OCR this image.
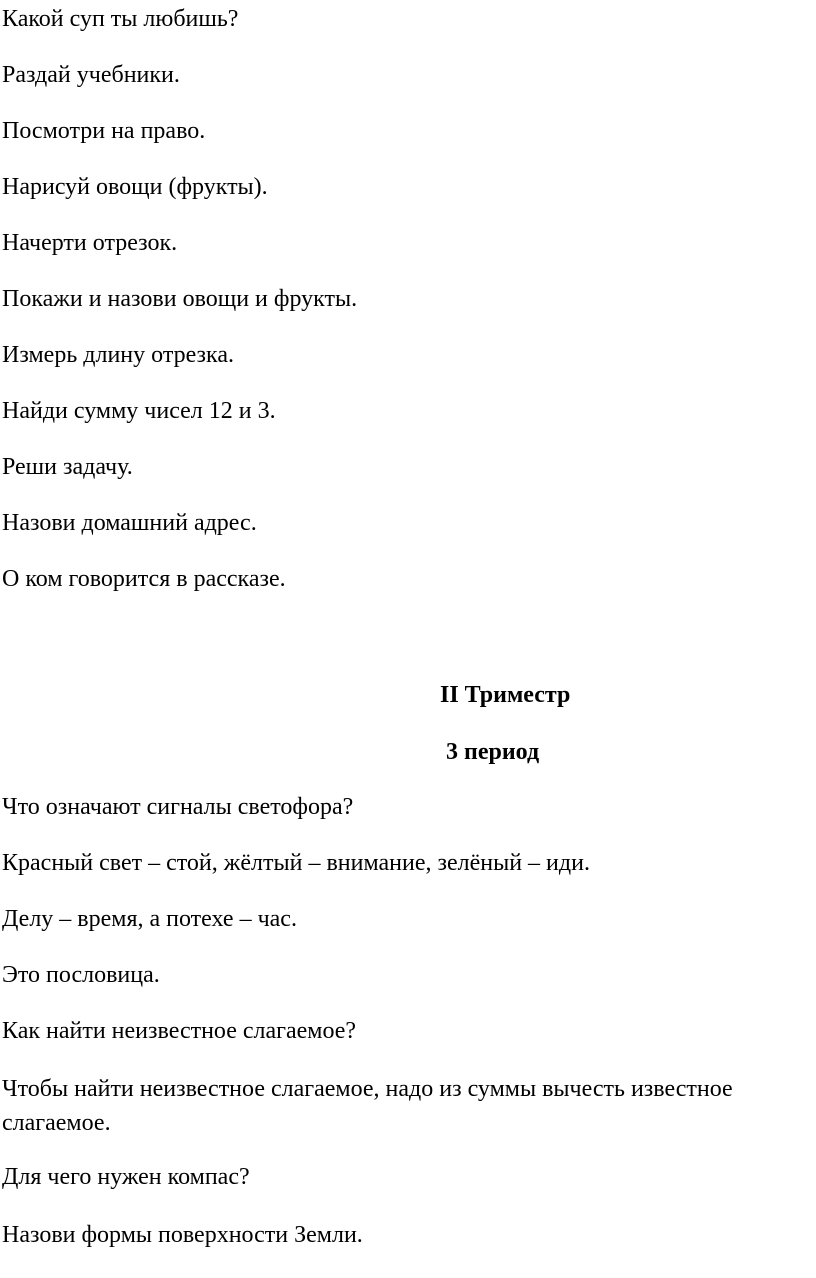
Какой суп ты любишь?

Раздай учебники.

Посмотри на право.

Нарисуй овощи (фрукты).

Начерти отрезок.

Покажи и назови овощи и фрукты.

Измерь длину отрезка.

Найди сумму чисел 12 и 3.

Реши задачу.

Назови домашний адрес.

О ком говорится в рассказе.

II Триместр

3 период

Что означают сигналы светофора?

Красный свет – стой, жёлтый – внимание, зелёный – иди.

Делу – время, а потехе – час.

Это пословица.

Как найти неизвестное слагаемое?

Чтобы найти неизвестное слагаемое, надо из суммы вычесть известное слагаемое.

Для чего нужен компас?

Назови формы поверхности Земли.
